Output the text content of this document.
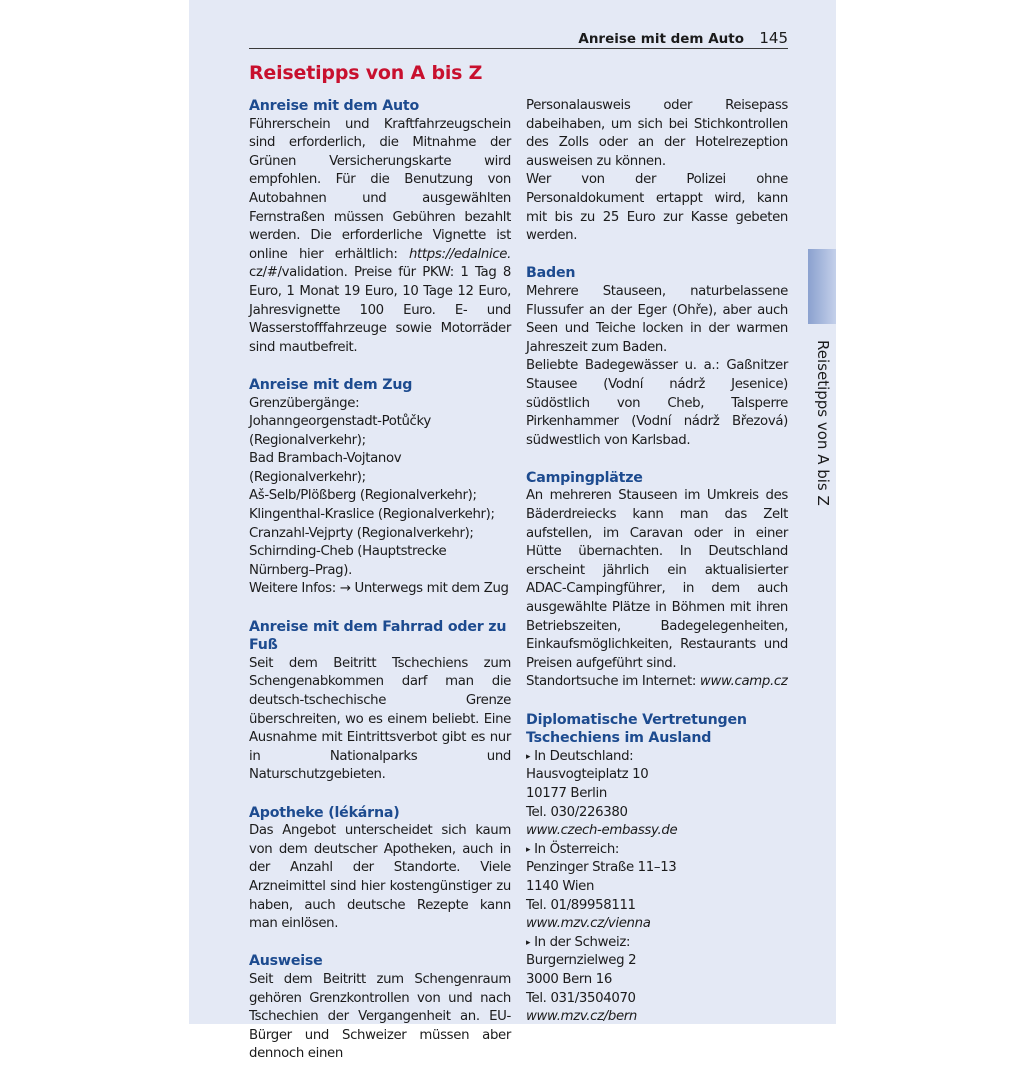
Anreise mit dem Auto 145
Reisetipps von A bis Z
Anreise mit dem Auto

Führerschein und Kraftfahrzeugschein sind erforderlich, die Mitnahme der Grünen Versicherungskarte wird empfohlen. Für die Benutzung von Autobahnen und ausgewählten Fernstraßen müssen Gebühren bezahlt werden. Die erforderliche Vignette ist online hier erhältlich: https://edalnice. cz/#/validation. Preise für PKW: 1 Tag 8 Euro, 1 Monat 19 Euro, 10 Tage 12 Euro, Jahresvignette 100 Euro. E- und Wasserstofffahrzeuge sowie Motorräder sind mautbefreit.

Anreise mit dem Zug

Grenzübergänge:

Johanngeorgenstadt-Potůčky (Regionalverkehr);

Bad Brambach-Vojtanov (Regionalverkehr);

Aš-Selb/Plößberg (Regionalverkehr);

Klingenthal-Kraslice (Regionalverkehr);

Cranzahl-Vejprty (Regionalverkehr);

Schirnding-Cheb (Hauptstrecke Nürnberg–Prag).

Weitere Infos: → Unterwegs mit dem Zug

Anreise mit dem Fahrrad oder zu Fuß

Seit dem Beitritt Tschechiens zum Schengenabkommen darf man die deutsch-tschechische Grenze überschreiten, wo es einem beliebt. Eine Ausnahme mit Eintrittsverbot gibt es nur in Nationalparks und Naturschutzgebieten.

Apotheke (lékárna)

Das Angebot unterscheidet sich kaum von dem deutscher Apotheken, auch in der Anzahl der Standorte. Viele Arzneimittel sind hier kostengünstiger zu haben, auch deutsche Rezepte kann man einlösen.

Ausweise

Seit dem Beitritt zum Schengenraum gehören Grenzkontrollen von und nach Tschechien der Vergangenheit an. EU-Bürger und Schweizer müssen aber dennoch einen

Personalausweis oder Reisepass dabeihaben, um sich bei Stichkontrollen des Zolls oder an der Hotelrezeption ausweisen zu können.

Wer von der Polizei ohne Personaldokument ertappt wird, kann mit bis zu 25 Euro zur Kasse gebeten werden.

Baden

Mehrere Stauseen, naturbelassene Flussufer an der Eger (Ohře), aber auch Seen und Teiche locken in der warmen Jahreszeit zum Baden.

Beliebte Badegewässer u. a.: Gaßnitzer Stausee (Vodní nádrž Jesenice) südöstlich von Cheb, Talsperre Pirkenhammer (Vodní nádrž Březová) südwestlich von Karlsbad.

Campingplätze

An mehreren Stauseen im Umkreis des Bäderdreiecks kann man das Zelt aufstellen, im Caravan oder in einer Hütte übernachten. In Deutschland erscheint jährlich ein aktualisierter ADAC-Campingführer, in dem auch ausgewählte Plätze in Böhmen mit ihren Betriebszeiten, Badegelegenheiten, Einkaufsmöglichkeiten, Restaurants und Preisen aufgeführt sind.

Standortsuche im Internet: www.camp.cz

Diplomatische Vertretungen Tschechiens im Ausland

▸ In Deutschland:

Hausvogteiplatz 10

10177 Berlin

Tel. 030/226380

www.czech-embassy.de

▸ In Österreich:

Penzinger Straße 11–13

1140 Wien

Tel. 01/89958111

www.mzv.cz/vienna

▸ In der Schweiz:

Burgernzielweg 2

3000 Bern 16

Tel. 031/3504070

www.mzv.cz/bern

Reisetipps von A bis Z
